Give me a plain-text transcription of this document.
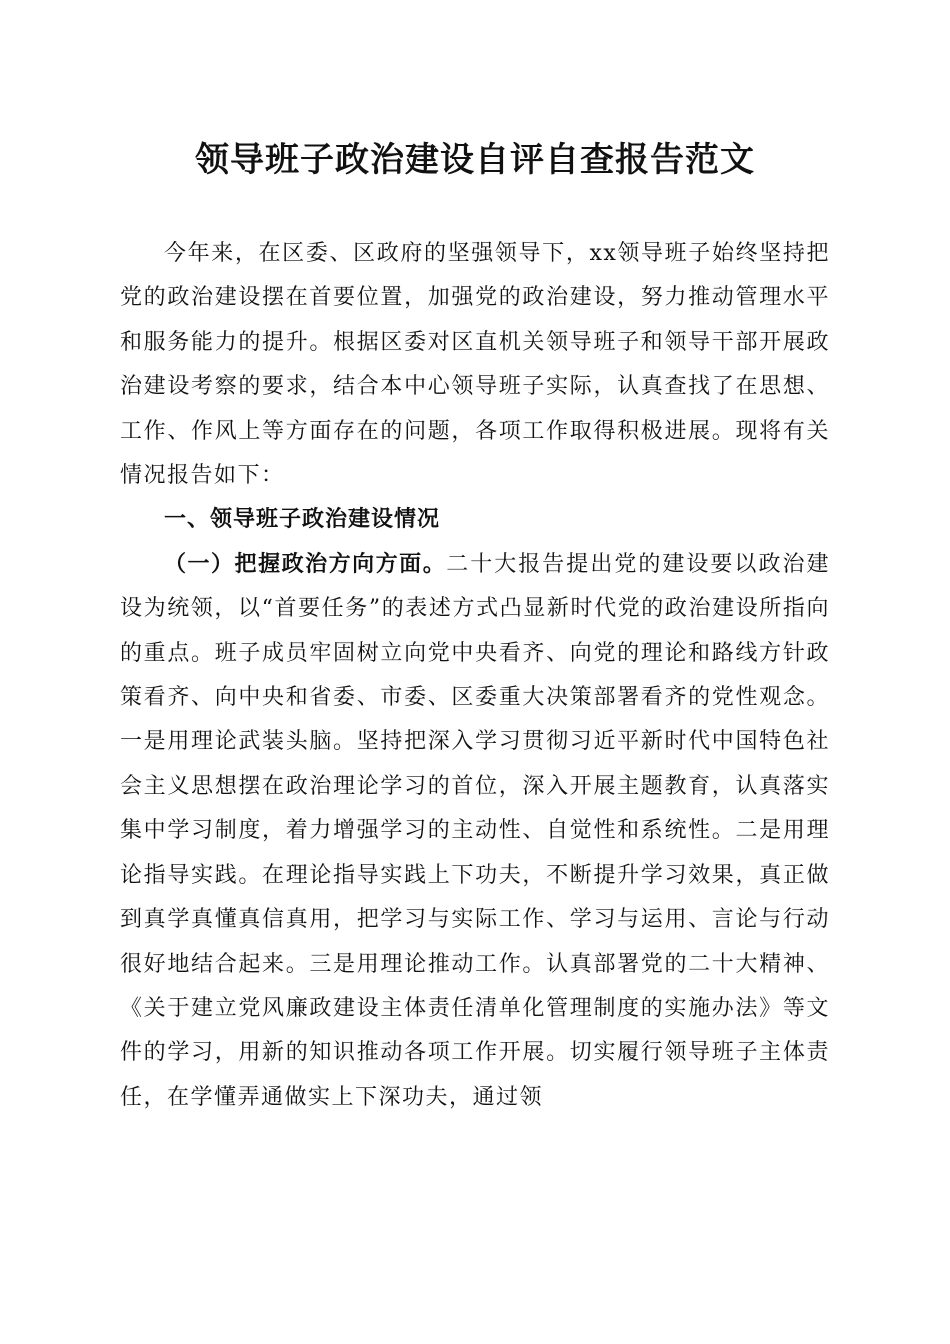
领导班子政治建设自评自查报告范文

今年来，在区委、区政府的坚强领导下，xx领导班子始终坚持把党的政治建设摆在首要位置，加强党的政治建设，努力推动管理水平和服务能力的提升。根据区委对区直机关领导班子和领导干部开展政治建设考察的要求，结合本中心领导班子实际，认真查找了在思想、工作、作风上等方面存在的问题，各项工作取得积极进展。现将有关情况报告如下：

一、领导班子政治建设情况

（一）把握政治方向方面。二十大报告提出党的建设要以政治建设为统领，以“首要任务”的表述方式凸显新时代党的政治建设所指向的重点。班子成员牢固树立向党中央看齐、向党的理论和路线方针政策看齐、向中央和省委、市委、区委重大决策部署看齐的党性观念。一是用理论武装头脑。坚持把深入学习贯彻习近平新时代中国特色社会主义思想摆在政治理论学习的首位，深入开展主题教育，认真落实集中学习制度，着力增强学习的主动性、自觉性和系统性。二是用理论指导实践。在理论指导实践上下功夫，不断提升学习效果，真正做到真学真懂真信真用，把学习与实际工作、学习与运用、言论与行动很好地结合起来。三是用理论推动工作。认真部署党的二十大精神、《关于建立党风廉政建设主体责任清单化管理制度的实施办法》等文件的学习，用新的知识推动各项工作开展。切实履行领导班子主体责任，在学懂弄通做实上下深功夫，通过领
